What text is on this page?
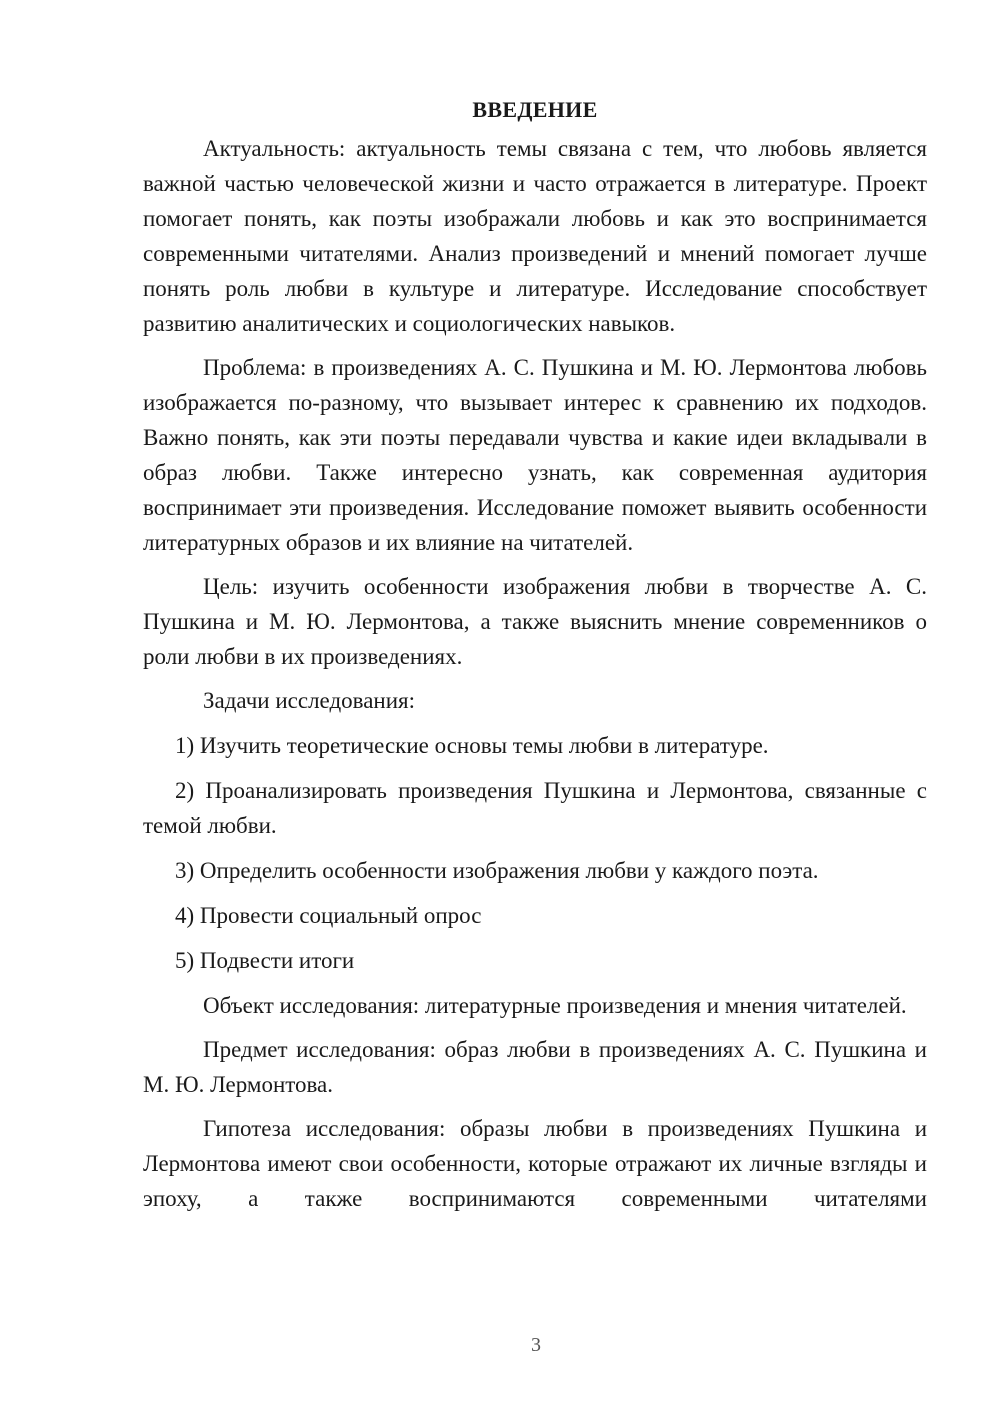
ВВЕДЕНИЕ

Актуальность: актуальность темы связана с тем, что любовь является важной частью человеческой жизни и часто отражается в литературе. Проект помогает понять, как поэты изображали любовь и как это воспринимается современными читателями. Анализ произведений и мнений помогает лучше понять роль любви в культуре и литературе. Исследование способствует развитию аналитических и социологических навыков.

Проблема: в произведениях А. С. Пушкина и М. Ю. Лермонтова любовь изображается по-разному, что вызывает интерес к сравнению их подходов. Важно понять, как эти поэты передавали чувства и какие идеи вкладывали в образ любви. Также интересно узнать, как современная аудитория воспринимает эти произведения. Исследование поможет выявить особенности литературных образов и их влияние на читателей.

Цель: изучить особенности изображения любви в творчестве А. С. Пушкина и М. Ю. Лермонтова, а также выяснить мнение современников о роли любви в их произведениях.

Задачи исследования:

1) Изучить теоретические основы темы любви в литературе.

2) Проанализировать произведения Пушкина и Лермонтова, связанные с темой любви.

3) Определить особенности изображения любви у каждого поэта.

4) Провести социальный опрос

5) Подвести итоги

Объект исследования: литературные произведения и мнения читателей.

Предмет исследования: образ любви в произведениях А. С. Пушкина и М. Ю. Лермонтова.

Гипотеза исследования: образы любви в произведениях Пушкина и Лермонтова имеют свои особенности, которые отражают их личные взгляды и эпоху, а также воспринимаются современными читателями

3
